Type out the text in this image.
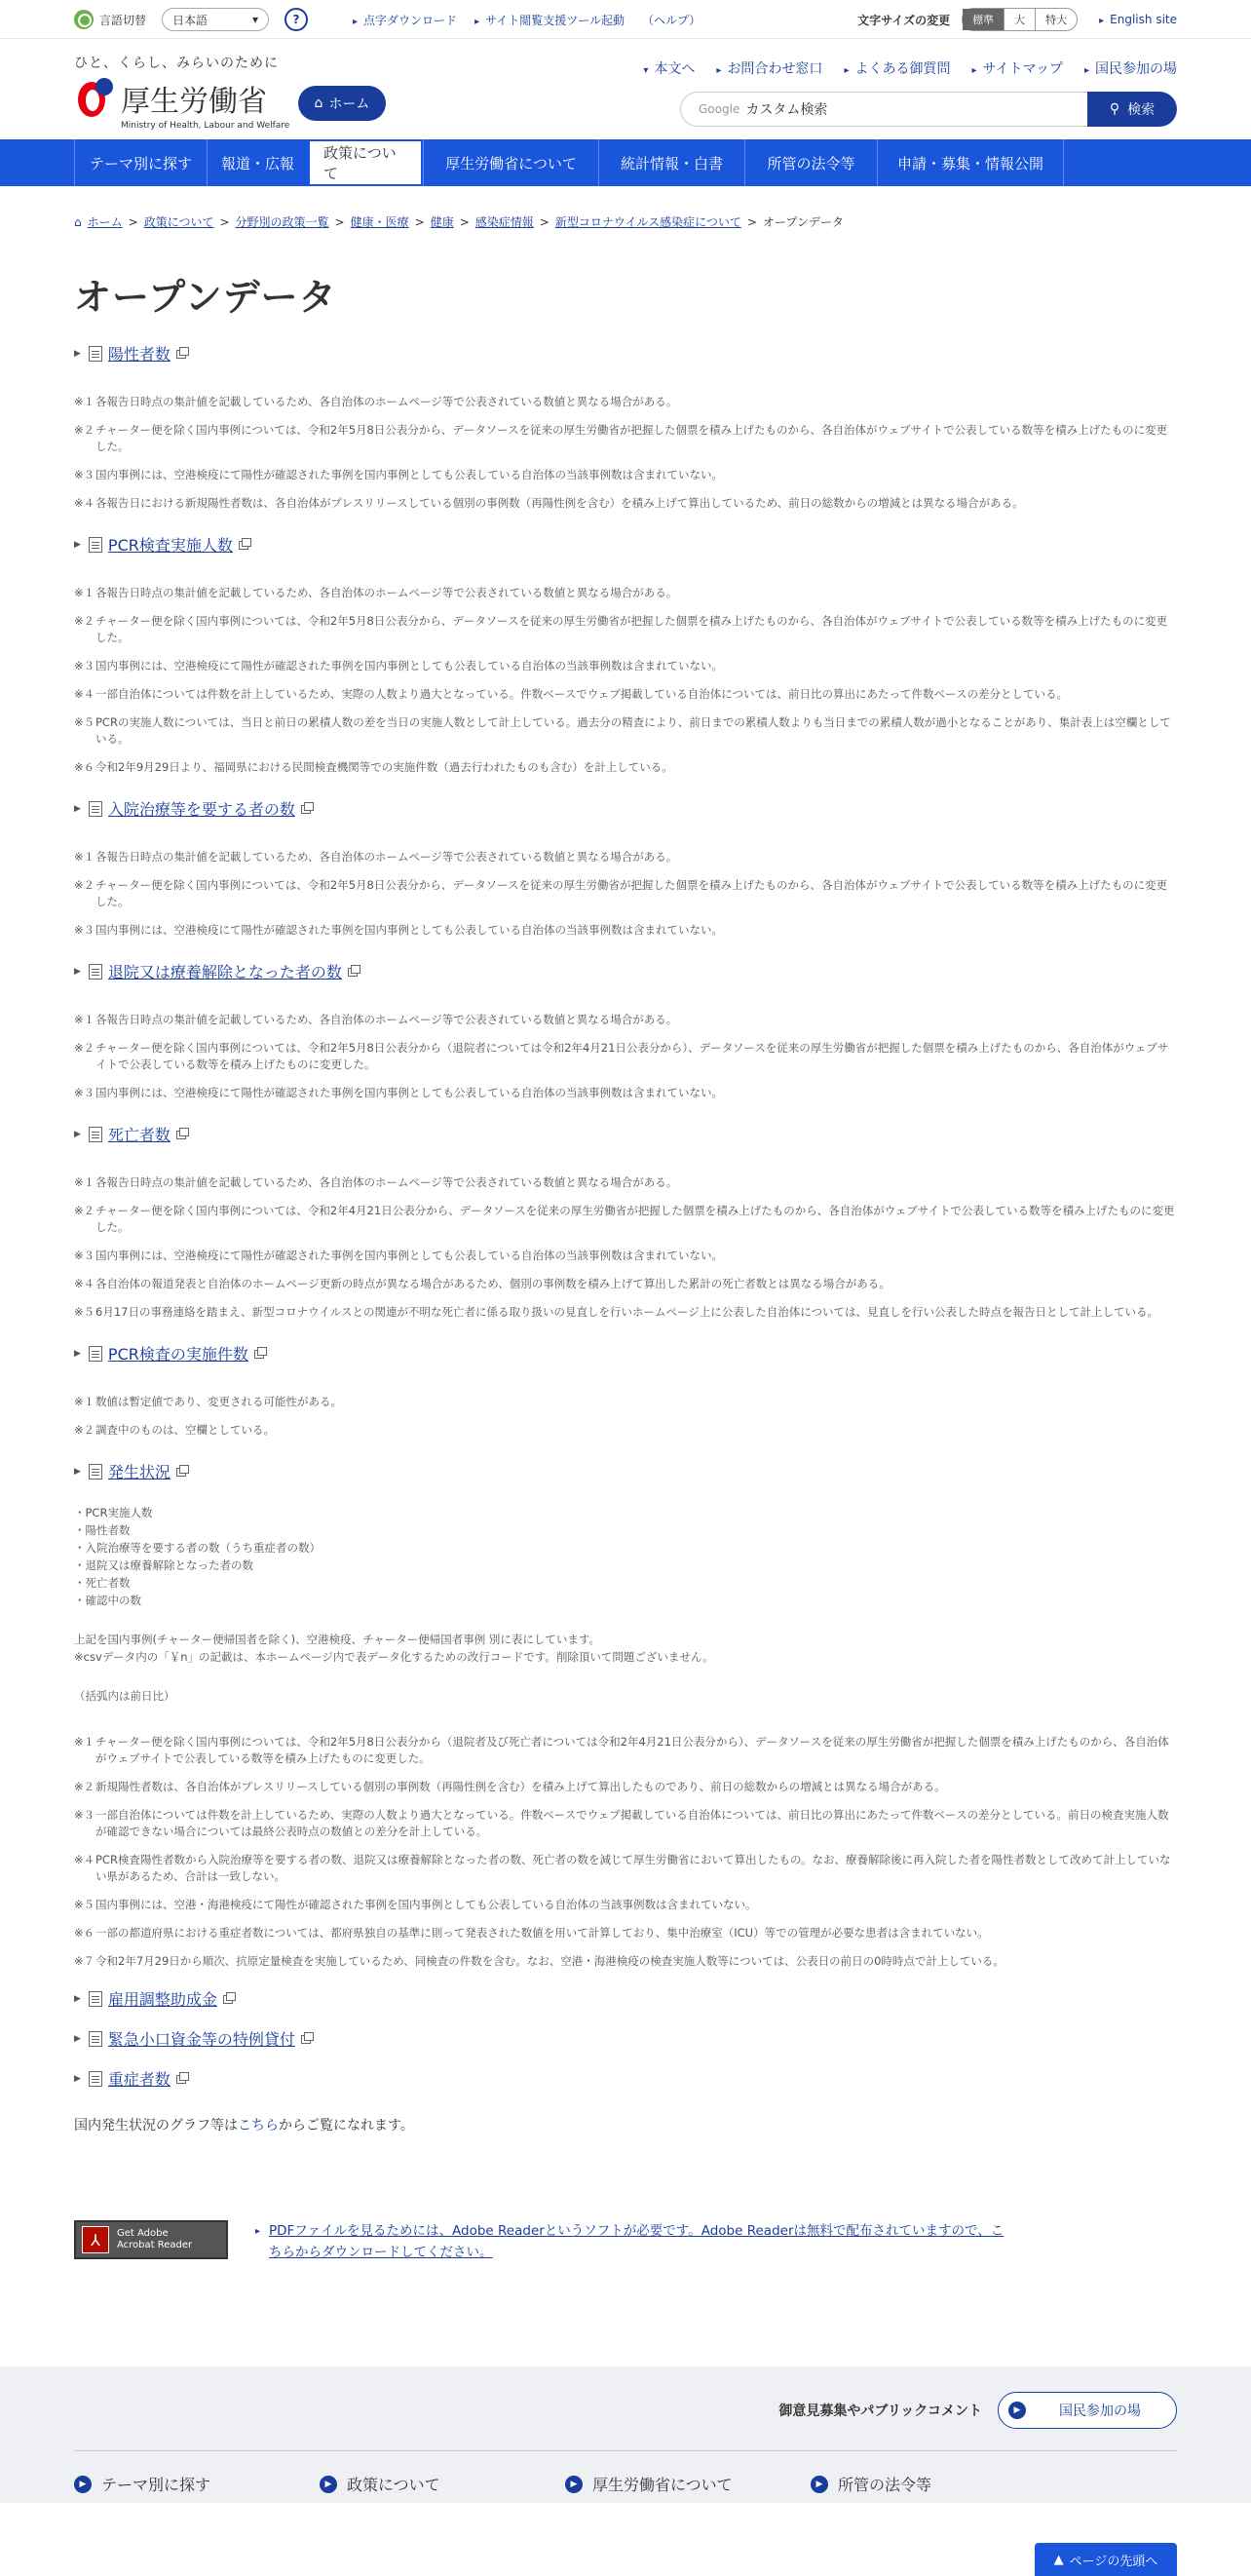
言語切替 日本語	▾	?	▸ 点字ダウンロード ▸ サイト閲覧支援ツール起動 （ヘルプ）	文字サイズの変更	標準	大	特大	▸ English site
ひと、くらし、みらいのために
厚生労働省
Ministry of Health, Labour and Welfare
⌂ ホーム
▾ 本文へ ▸ お問合わせ窓口 ▸ よくある御質問 ▸ サイトマップ ▸ 国民参加の場
Google カスタム検索	⚲ 検索
テーマ別に探す	報道・広報
政策について
厚生労働省について	統計情報・白書	所管の法令等	申請・募集・情報公開
⌂ ホーム > 政策について > 分野別の政策一覧 > 健康・医療 > 健康 > 感染症情報 > 新型コロナウイルス感染症について > オープンデータ
オープンデータ
▶ 陽性者数
※１ 各報告日時点の集計値を記載しているため、各自治体のホームページ等で公表されている数値と異なる場合がある。
※２ チャーター便を除く国内事例については、令和2年5月8日公表分から、データソースを従来の厚生労働省が把握した個票を積み上げたものから、各自治体がウェブサイトで公表している数等を積み上げたものに変更した。
※３ 国内事例には、空港検疫にて陽性が確認された事例を国内事例としても公表している自治体の当該事例数は含まれていない。
※４ 各報告日における新規陽性者数は、各自治体がプレスリリースしている個別の事例数（再陽性例を含む）を積み上げて算出しているため、前日の総数からの増減とは異なる場合がある。
▶ PCR検査実施人数
※１ 各報告日時点の集計値を記載しているため、各自治体のホームページ等で公表されている数値と異なる場合がある。
※２ チャーター便を除く国内事例については、令和2年5月8日公表分から、データソースを従来の厚生労働省が把握した個票を積み上げたものから、各自治体がウェブサイトで公表している数等を積み上げたものに変更した。
※３ 国内事例には、空港検疫にて陽性が確認された事例を国内事例としても公表している自治体の当該事例数は含まれていない。
※４ 一部自治体については件数を計上しているため、実際の人数より過大となっている。件数ベースでウェブ掲載している自治体については、前日比の算出にあたって件数ベースの差分としている。
※５ PCRの実施人数については、当日と前日の累積人数の差を当日の実施人数として計上している。過去分の精査により、前日までの累積人数よりも当日までの累積人数が過小となることがあり、集計表上は空欄としている。
※６ 令和2年9月29日より、福岡県における民間検査機関等での実施件数（過去行われたものも含む）を計上している。
▶ 入院治療等を要する者の数
※１ 各報告日時点の集計値を記載しているため、各自治体のホームページ等で公表されている数値と異なる場合がある。
※２ チャーター便を除く国内事例については、令和2年5月8日公表分から、データソースを従来の厚生労働省が把握した個票を積み上げたものから、各自治体がウェブサイトで公表している数等を積み上げたものに変更した。
※３ 国内事例には、空港検疫にて陽性が確認された事例を国内事例としても公表している自治体の当該事例数は含まれていない。
▶ 退院又は療養解除となった者の数
※１ 各報告日時点の集計値を記載しているため、各自治体のホームページ等で公表されている数値と異なる場合がある。
※２ チャーター便を除く国内事例については、令和2年5月8日公表分から（退院者については令和2年4月21日公表分から）、データソースを従来の厚生労働省が把握した個票を積み上げたものから、各自治体がウェブサイトで公表している数等を積み上げたものに変更した。
※３ 国内事例には、空港検疫にて陽性が確認された事例を国内事例としても公表している自治体の当該事例数は含まれていない。
▶ 死亡者数
※１ 各報告日時点の集計値を記載しているため、各自治体のホームページ等で公表されている数値と異なる場合がある。
※２ チャーター便を除く国内事例については、令和2年4月21日公表分から、データソースを従来の厚生労働省が把握した個票を積み上げたものから、各自治体がウェブサイトで公表している数等を積み上げたものに変更した。
※３ 国内事例には、空港検疫にて陽性が確認された事例を国内事例としても公表している自治体の当該事例数は含まれていない。
※４ 各自治体の報道発表と自治体のホームページ更新の時点が異なる場合があるため、個別の事例数を積み上げて算出した累計の死亡者数とは異なる場合がある。
※５ 6月17日の事務連絡を踏まえ、新型コロナウイルスとの関連が不明な死亡者に係る取り扱いの見直しを行いホームページ上に公表した自治体については、見直しを行い公表した時点を報告日として計上している。
▶ PCR検査の実施件数
※１ 数値は暫定値であり、変更される可能性がある。
※２ 調査中のものは、空欄としている。
▶ 発生状況
・PCR実施人数
・陽性者数
・入院治療等を要する者の数（うち重症者の数）
・退院又は療養解除となった者の数
・死亡者数
・確認中の数
上記を国内事例(チャーター便帰国者を除く)、空港検疫、チャーター便帰国者事例 別に表にしています。
※csvデータ内の「￥n」の記載は、本ホームページ内で表データ化するための改行コードです。削除頂いて問題ございません。
（括弧内は前日比）
※１ チャーター便を除く国内事例については、令和2年5月8日公表分から（退院者及び死亡者については令和2年4月21日公表分から）、データソースを従来の厚生労働省が把握した個票を積み上げたものから、各自治体がウェブサイトで公表している数等を積み上げたものに変更した。
※２ 新規陽性者数は、各自治体がプレスリリースしている個別の事例数（再陽性例を含む）を積み上げて算出したものであり、前日の総数からの増減とは異なる場合がある。
※３ 一部自治体については件数を計上しているため、実際の人数より過大となっている。件数ベースでウェブ掲載している自治体については、前日比の算出にあたって件数ベースの差分としている。前日の検査実施人数が確認できない場合については最終公表時点の数値との差分を計上している。
※４ PCR検査陽性者数から入院治療等を要する者の数、退院又は療養解除となった者の数、死亡者の数を減じて厚生労働省において算出したもの。なお、療養解除後に再入院した者を陽性者数として改めて計上していない県があるため、合計は一致しない。
※５ 国内事例には、空港・海港検疫にて陽性が確認された事例を国内事例としても公表している自治体の当該事例数は含まれていない。
※６ 一部の都道府県における重症者数については、都府県独自の基準に則って発表された数値を用いて計算しており、集中治療室（ICU）等での管理が必要な患者は含まれていない。
※７ 令和2年7月29日から順次、抗原定量検査を実施しているため、同検査の件数を含む。なお、空港・海港検疫の検査実施人数等については、公表日の前日の0時時点で計上している。
▶ 雇用調整助成金
▶ 緊急小口資金等の特例貸付
▶ 重症者数
国内発生状況のグラフ等はこちらからご覧になれます。
⅄	Get Adobe
Acrobat Reader
▸ PDFファイルを見るためには、Adobe Readerというソフトが必要です。Adobe Readerは無料で配布されていますので、こちらからダウンロードしてください。
▲ ページの先頭へ
御意見募集やパブリックコメント	▶	国民参加の場
▶ テーマ別に探す	▶ 政策について	▶ 厚生労働省について	▶ 所管の法令等
